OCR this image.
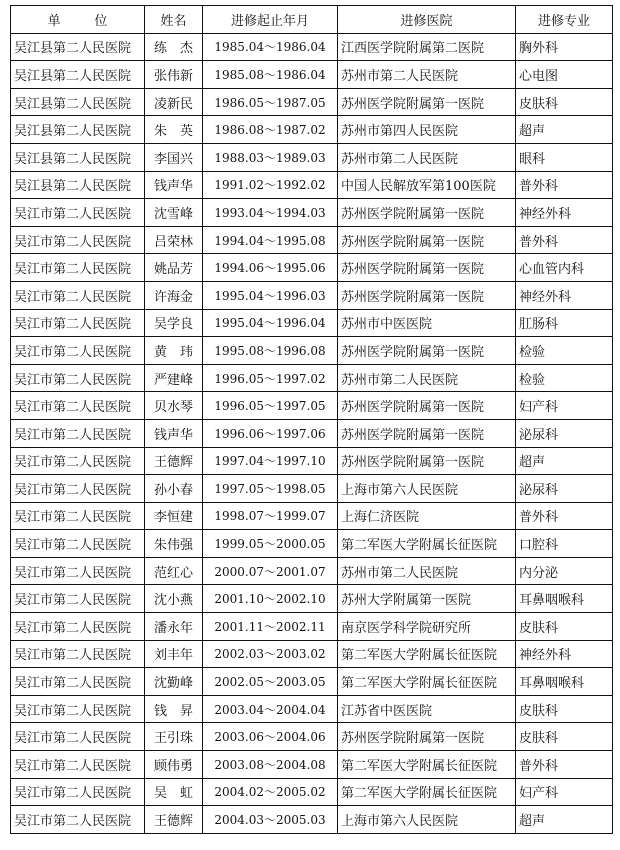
单　位	姓名	进修起止年月	进修医院	进修专业
吴江县第二人民医院	练　杰	1985.04～1986.04	江西医学院附属第二医院	胸外科
吴江县第二人民医院	张伟新	1985.08～1986.04	苏州市第二人民医院	心电图
吴江县第二人民医院	凌新民	1986.05～1987.05	苏州医学院附属第一医院	皮肤科
吴江县第二人民医院	朱　英	1986.08～1987.02	苏州市第四人民医院	超声
吴江县第二人民医院	李国兴	1988.03～1989.03	苏州市第二人民医院	眼科
吴江县第二人民医院	钱声华	1991.02～1992.02	中国人民解放军第100医院	普外科
吴江市第二人民医院	沈雪峰	1993.04～1994.03	苏州医学院附属第一医院	神经外科
吴江市第二人民医院	吕荣林	1994.04～1995.08	苏州医学院附属第一医院	普外科
吴江市第二人民医院	姚品芳	1994.06～1995.06	苏州医学院附属第一医院	心血管内科
吴江市第二人民医院	许海金	1995.04～1996.03	苏州医学院附属第一医院	神经外科
吴江市第二人民医院	吴学良	1995.04～1996.04	苏州市中医医院	肛肠科
吴江市第二人民医院	黄　玮	1995.08～1996.08	苏州医学院附属第一医院	检验
吴江市第二人民医院	严建峰	1996.05～1997.02	苏州市第二人民医院	检验
吴江市第二人民医院	贝水琴	1996.05～1997.05	苏州医学院附属第一医院	妇产科
吴江市第二人民医院	钱声华	1996.06～1997.06	苏州医学院附属第一医院	泌尿科
吴江市第二人民医院	王德辉	1997.04～1997.10	苏州医学院附属第一医院	超声
吴江市第二人民医院	孙小春	1997.05～1998.05	上海市第六人民医院	泌尿科
吴江市第二人民医院	李恒建	1998.07～1999.07	上海仁济医院	普外科
吴江市第二人民医院	朱伟强	1999.05～2000.05	第二军医大学附属长征医院	口腔科
吴江市第二人民医院	范红心	2000.07～2001.07	苏州市第二人民医院	内分泌
吴江市第二人民医院	沈小燕	2001.10～2002.10	苏州大学附属第一医院	耳鼻咽喉科
吴江市第二人民医院	潘永年	2001.11～2002.11	南京医学科学院研究所	皮肤科
吴江市第二人民医院	刘丰年	2002.03～2003.02	第二军医大学附属长征医院	神经外科
吴江市第二人民医院	沈勤峰	2002.05～2003.05	第二军医大学附属长征医院	耳鼻咽喉科
吴江市第二人民医院	钱　昇	2003.04～2004.04	江苏省中医医院	皮肤科
吴江市第二人民医院	王引珠	2003.06～2004.06	苏州医学院附属第一医院	皮肤科
吴江市第二人民医院	顾伟勇	2003.08～2004.08	第二军医大学附属长征医院	普外科
吴江市第二人民医院	吴　虹	2004.02～2005.02	第二军医大学附属长征医院	妇产科
吴江市第二人民医院	王德辉	2004.03～2005.03	上海市第六人民医院	超声
